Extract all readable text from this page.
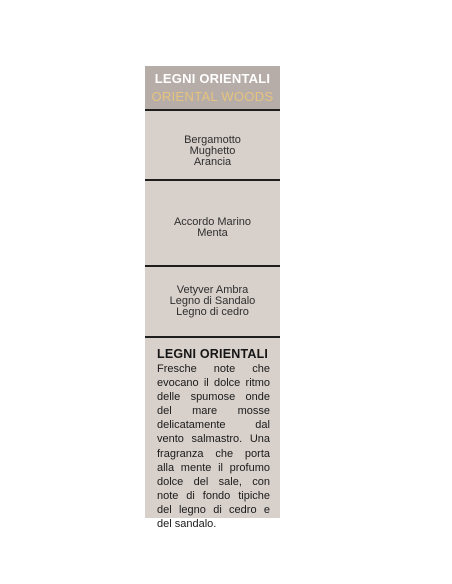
LEGNI ORIENTALI
ORIENTAL WOODS
Bergamotto
Mughetto
Arancia
Accordo Marino
Menta
Vetyver Ambra
Legno di Sandalo
Legno di cedro
LEGNI ORIENTALI
Fresche note che evocano il dolce ritmo delle spumose onde del mare mosse delicatamente dal vento salmastro. Una fragranza che porta alla mente il profumo dolce del sale, con note di fondo tipiche del legno di cedro e del sandalo.
